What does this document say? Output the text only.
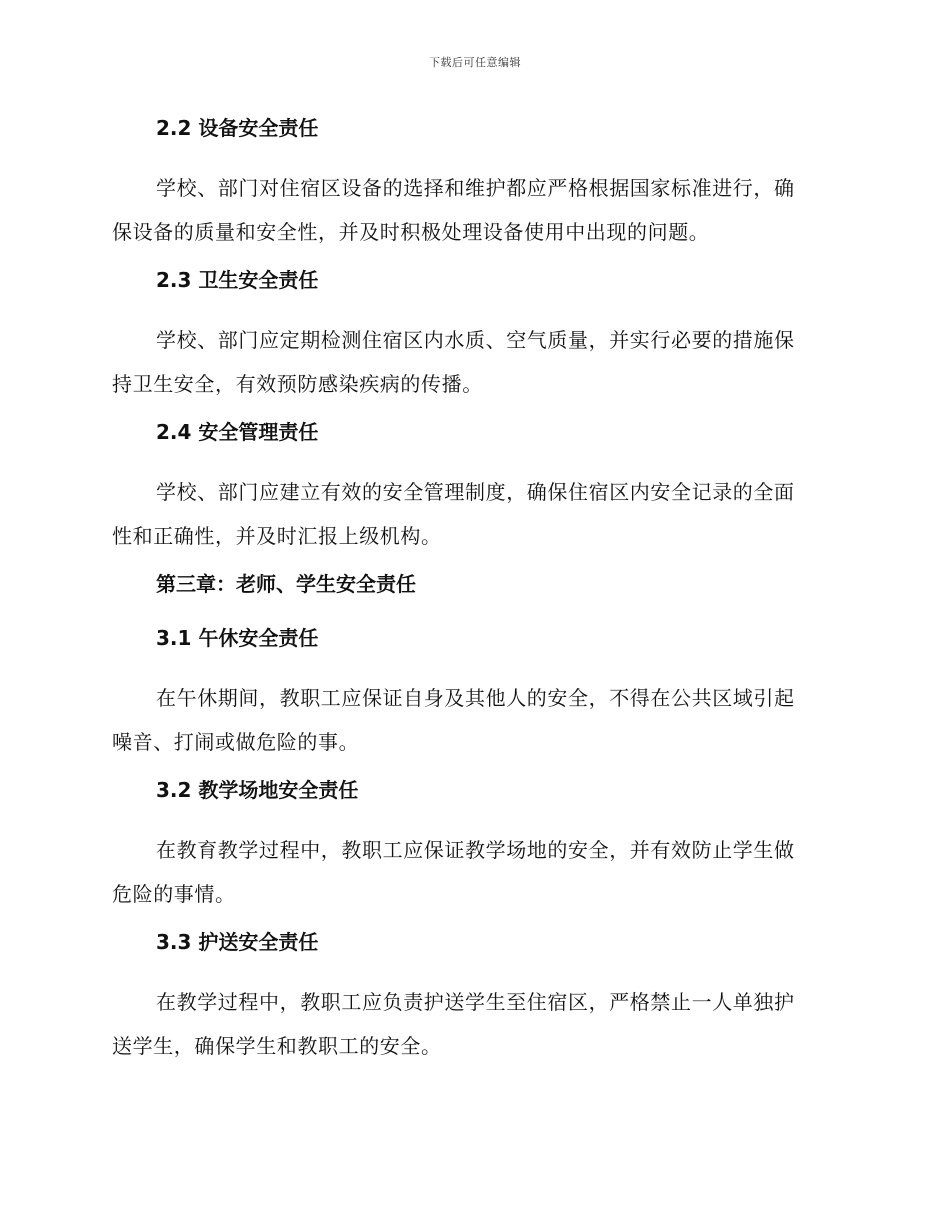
下载后可任意编辑
2.2 设备安全责任
学校、部门对住宿区设备的选择和维护都应严格根据国家标准进行，确
保设备的质量和安全性，并及时积极处理设备使用中出现的问题。
2.3 卫生安全责任
学校、部门应定期检测住宿区内水质、空气质量，并实行必要的措施保
持卫生安全，有效预防感染疾病的传播。
2.4 安全管理责任
学校、部门应建立有效的安全管理制度，确保住宿区内安全记录的全面
性和正确性，并及时汇报上级机构。
第三章：老师、学生安全责任
3.1 午休安全责任
在午休期间，教职工应保证自身及其他人的安全，不得在公共区域引起
噪音、打闹或做危险的事。
3.2 教学场地安全责任
在教育教学过程中，教职工应保证教学场地的安全，并有效防止学生做
危险的事情。
3.3 护送安全责任
在教学过程中，教职工应负责护送学生至住宿区，严格禁止一人单独护
送学生，确保学生和教职工的安全。
